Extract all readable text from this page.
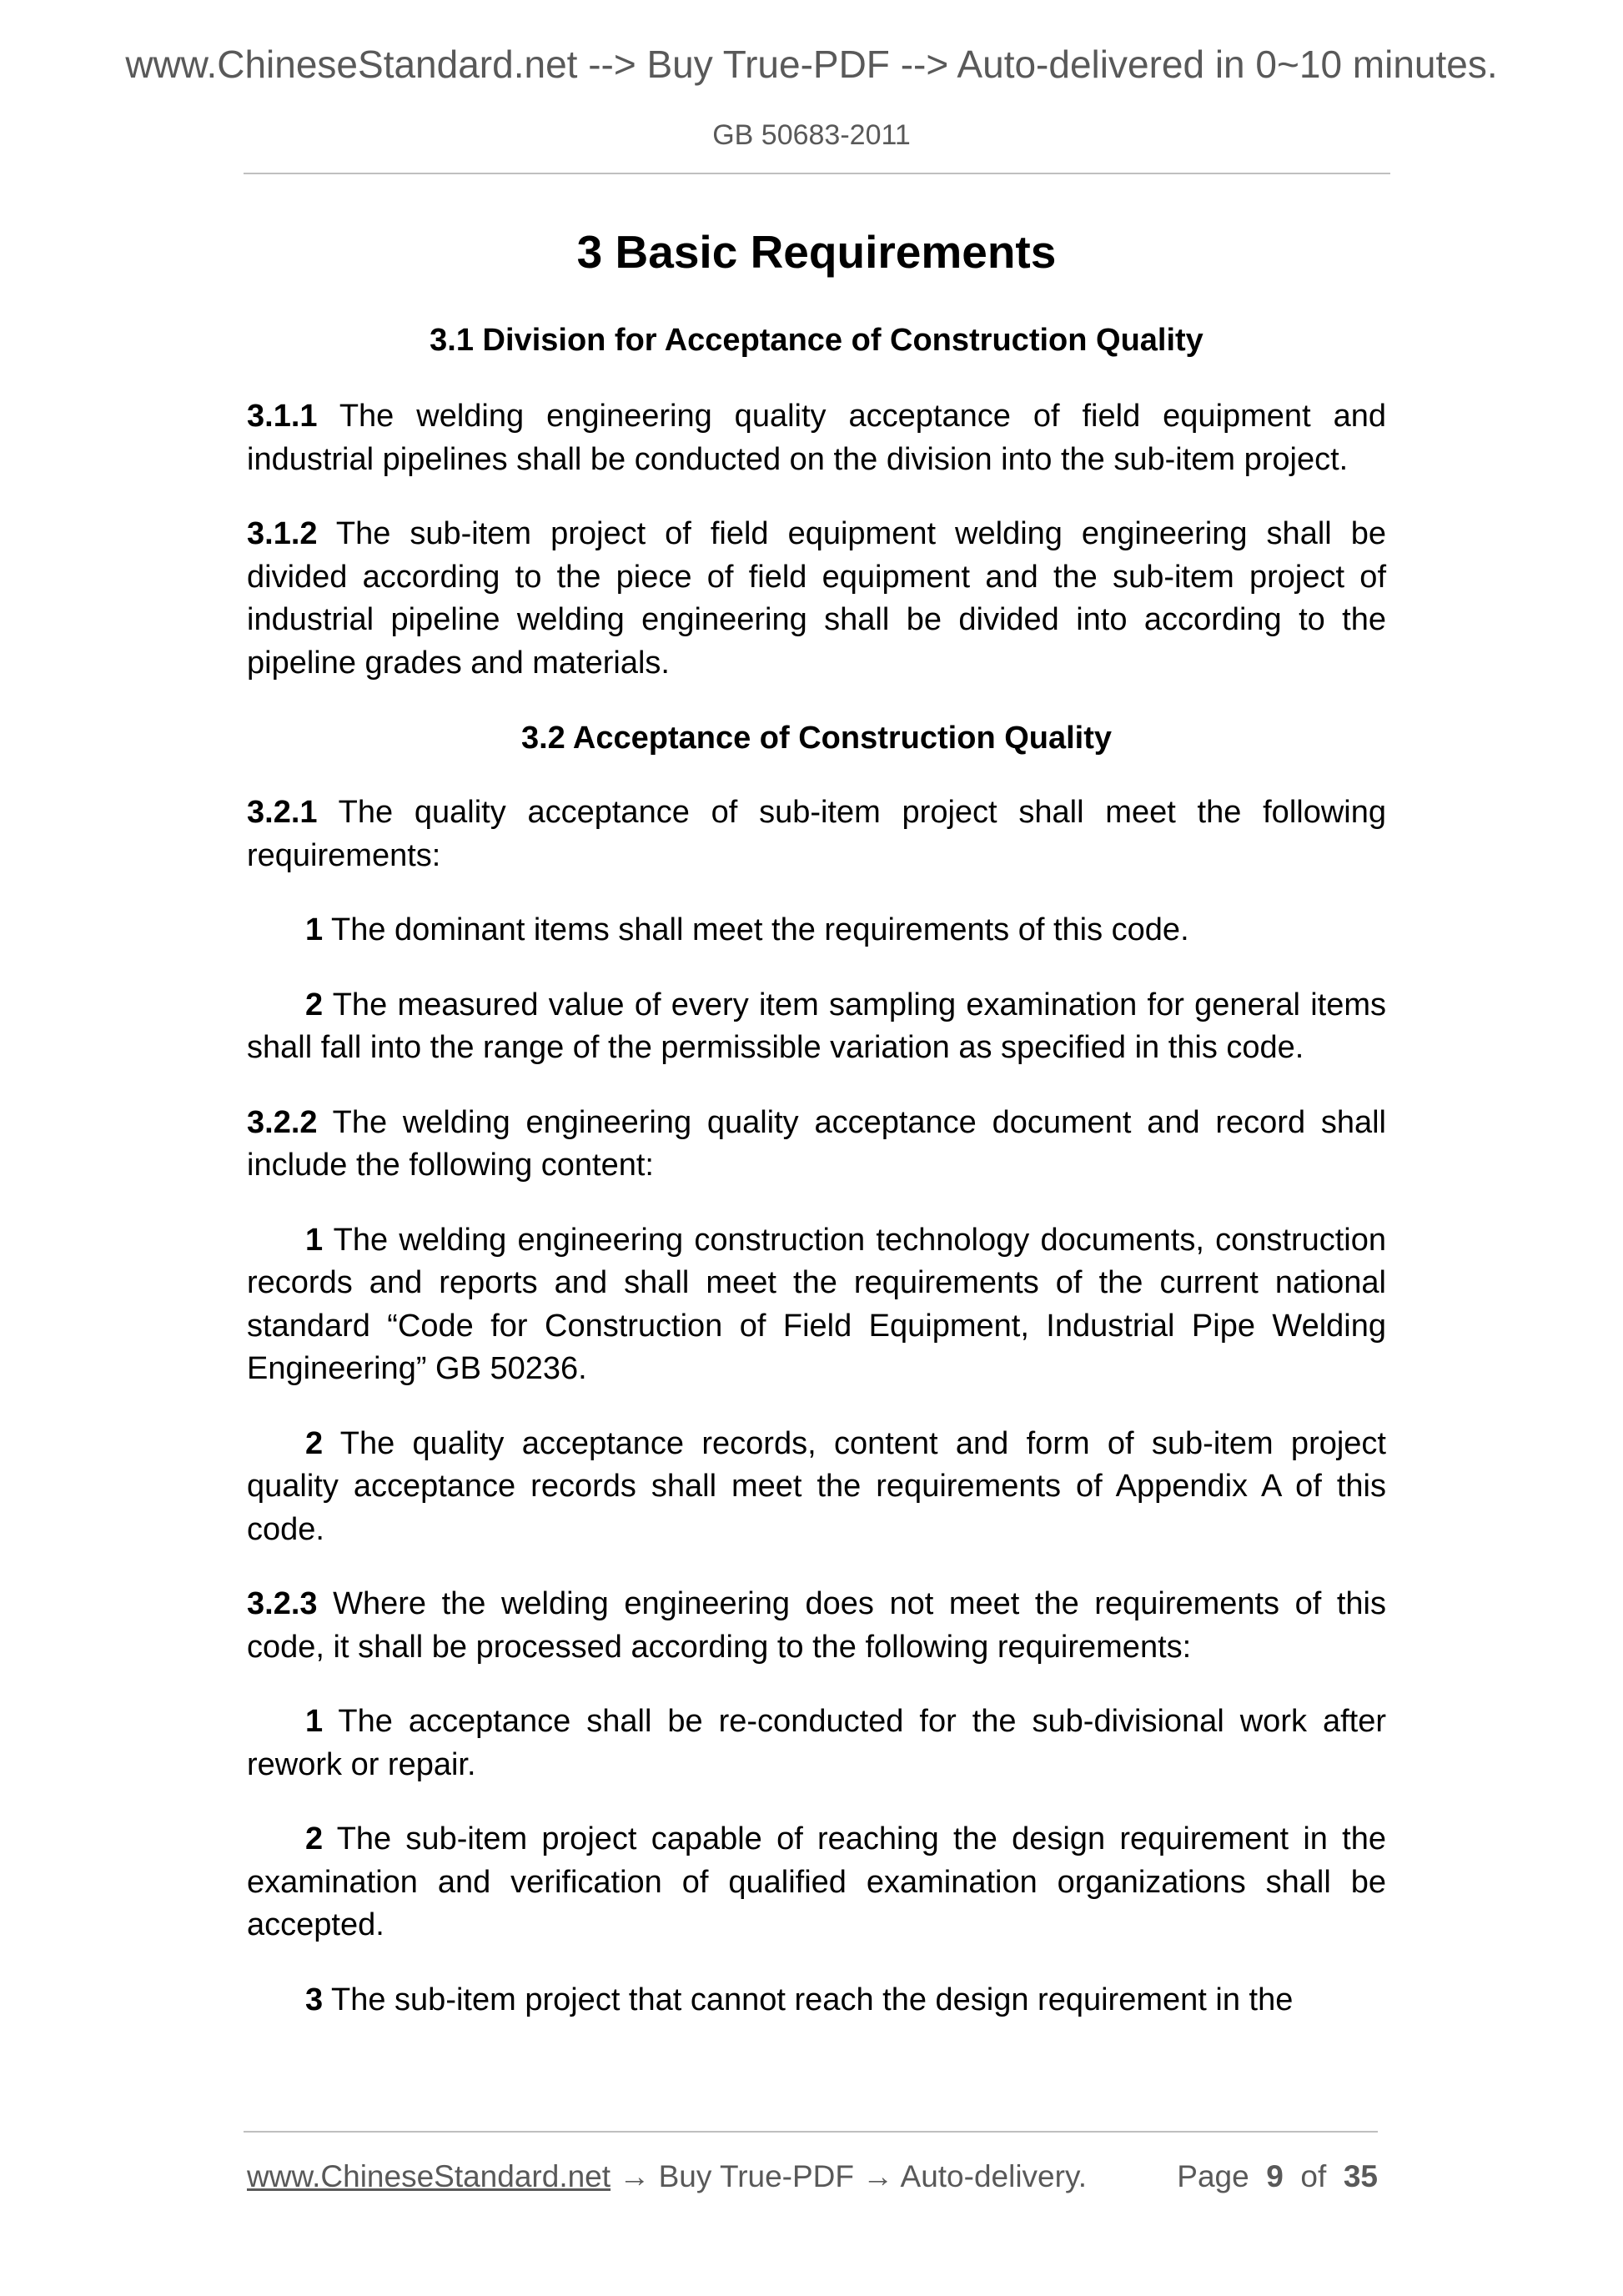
www.ChineseStandard.net --> Buy True-PDF --> Auto-delivered in 0~10 minutes.
GB 50683-2011
3 Basic Requirements
3.1 Division for Acceptance of Construction Quality

3.1.1 The welding engineering quality acceptance of field equipment and industrial pipelines shall be conducted on the division into the sub-item project.

3.1.2 The sub-item project of field equipment welding engineering shall be divided according to the piece of field equipment and the sub-item project of industrial pipeline welding engineering shall be divided into according to the pipeline grades and materials.

3.2 Acceptance of Construction Quality

3.2.1 The quality acceptance of sub-item project shall meet the following requirements:

1 The dominant items shall meet the requirements of this code.

2 The measured value of every item sampling examination for general items shall fall into the range of the permissible variation as specified in this code.

3.2.2 The welding engineering quality acceptance document and record shall include the following content:

1 The welding engineering construction technology documents, construction records and reports and shall meet the requirements of the current national standard “Code for Construction of Field Equipment, Industrial Pipe Welding Engineering” GB 50236.

2 The quality acceptance records, content and form of sub-item project quality acceptance records shall meet the requirements of Appendix A of this code.

3.2.3 Where the welding engineering does not meet the requirements of this code, it shall be processed according to the following requirements:

1 The acceptance shall be re-conducted for the sub-divisional work after rework or repair.

2 The sub-item project capable of reaching the design requirement in the examination and verification of qualified examination organizations shall be accepted.

3 The sub-item project that cannot reach the design requirement in the

www.ChineseStandard.net → Buy True-PDF → Auto-delivery.	Page 9 of 35
